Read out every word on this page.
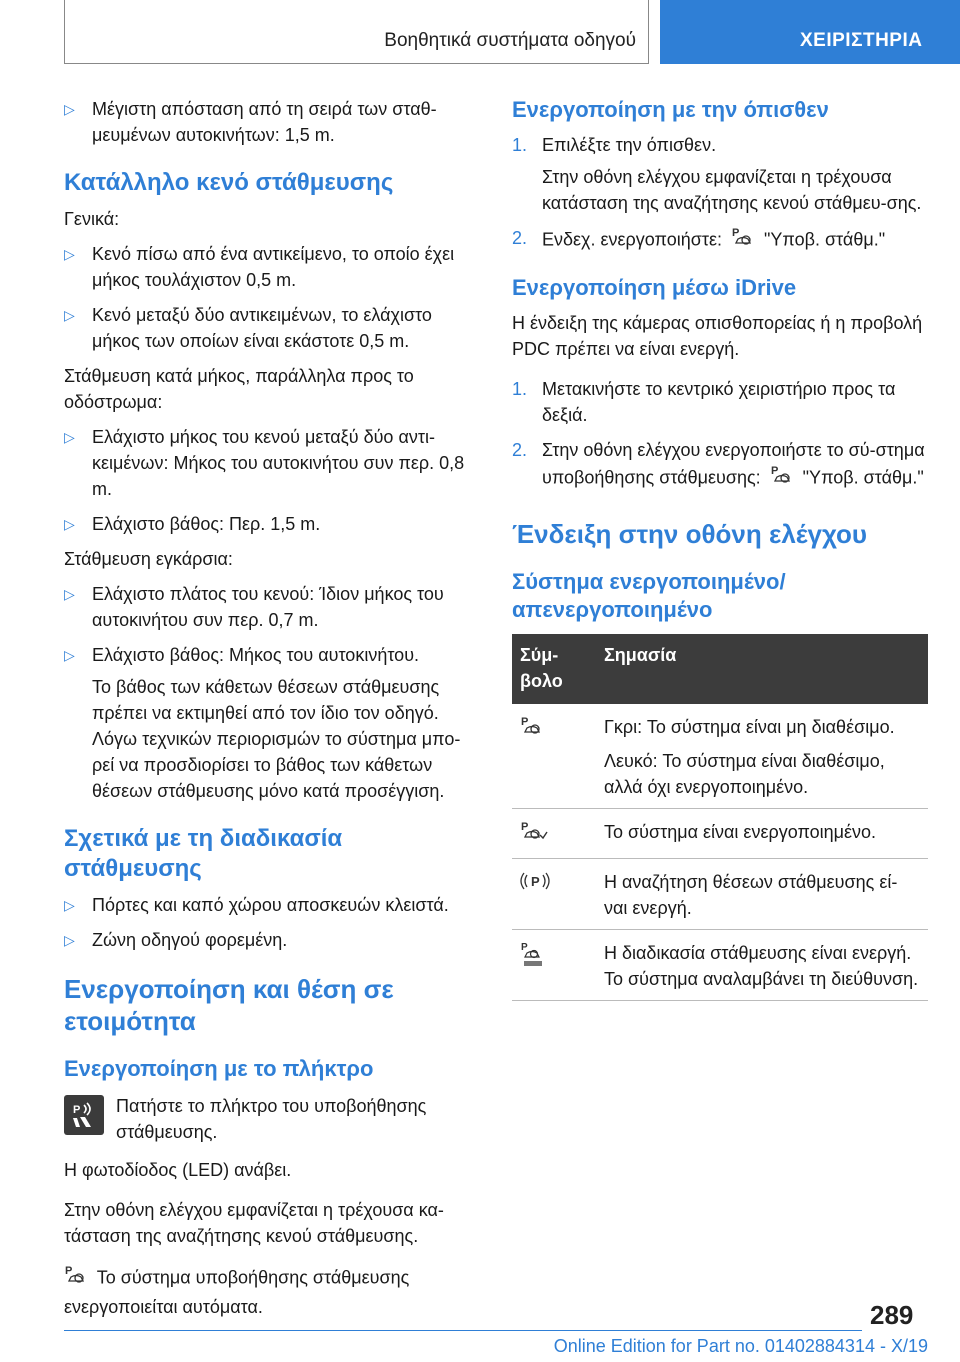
Βοηθητικά συστήματα οδηγού	ΧΕΙΡΙΣΤΗΡΙΑ
▷ Μέγιστη απόσταση από τη σειρά των σταθ‐μευμένων αυτοκινήτων: 1,5 m.
Κατάλληλο κενό στάθμευσης

Γενικά:

▷ Κενό πίσω από ένα αντικείμενο, το οποίο έχει μήκος τουλάχιστον 0,5 m.
▷ Κενό μεταξύ δύο αντικειμένων, το ελάχιστο μήκος των οποίων είναι εκάστοτε 0,5 m.

Στάθμευση κατά μήκος, παράλληλα προς το οδόστρωμα:

▷ Ελάχιστο μήκος του κενού μεταξύ δύο αντι‐κειμένων: Μήκος του αυτοκινήτου συν περ. 0,8 m.
▷ Ελάχιστο βάθος: Περ. 1,5 m.

Στάθμευση εγκάρσια:

▷ Ελάχιστο πλάτος του κενού: Ίδιον μήκος του αυτοκινήτου συν περ. 0,7 m.
▷ Ελάχιστο βάθος: Μήκος του αυτοκινήτου.

Το βάθος των κάθετων θέσεων στάθμευσης πρέπει να εκτιμηθεί από τον ίδιο τον οδηγό. Λόγω τεχνικών περιορισμών το σύστημα μπο‐ρεί να προσδιορίσει το βάθος των κάθετων θέσεων στάθμευσης μόνο κατά προσέγγιση.

Σχετικά με τη διαδικασία στάθμευσης
▷ Πόρτες και καπό χώρου αποσκευών κλειστά.
▷ Ζώνη οδηγού φορεμένη.
Ενεργοποίηση και θέση σε ετοιμότητα
Ενεργοποίηση με το πλήκτρο
P Πατήστε το πλήκτρο του υποβοήθησης στάθμευσης.

Η φωτοδίοδος (LED) ανάβει.

Στην οθόνη ελέγχου εμφανίζεται η τρέχουσα κα‐τάσταση της αναζήτησης κενού στάθμευσης.

P Το σύστημα υποβοήθησης στάθμευσης ενεργοποιείται αυτόματα.

Ενεργοποίηση με την όπισθεν
1. Επιλέξτε την όπισθεν.

Στην οθόνη ελέγχου εμφανίζεται η τρέχουσα κατάσταση της αναζήτησης κενού στάθμευ‐σης.

2. Ενδεχ. ενεργοποιήστε: P "Υποβ. στάθμ."
Ενεργοποίηση μέσω iDrive

Η ένδειξη της κάμερας οπισθοπορείας ή η προβολή PDC πρέπει να είναι ενεργή.

1. Μετακινήστε το κεντρικό χειριστήριο προς τα δεξιά.
2. Στην οθόνη ελέγχου ενεργοποιήστε το σύ‐στημα υποβοήθησης στάθμευσης: P "Υποβ. στάθμ."
Ένδειξη στην οθόνη ελέγχου
Σύστημα ενεργοποιημένο/ απενεργοποιημένο
Σύμ‐βολο	Σημασία

P	Γκρι: Το σύστημα είναι μη διαθέσιμο.

Λευκό: Το σύστημα είναι διαθέσιμο, αλλά όχι ενεργοποιημένο.

P	Το σύστημα είναι ενεργοποιημένο.

P	Η αναζήτηση θέσεων στάθμευσης εί‐ναι ενεργή.

P	Η διαδικασία στάθμευσης είναι ενεργή. Το σύστημα αναλαμβάνει τη διεύθυνση.

289
Online Edition for Part no. 01402884314 - X/19
